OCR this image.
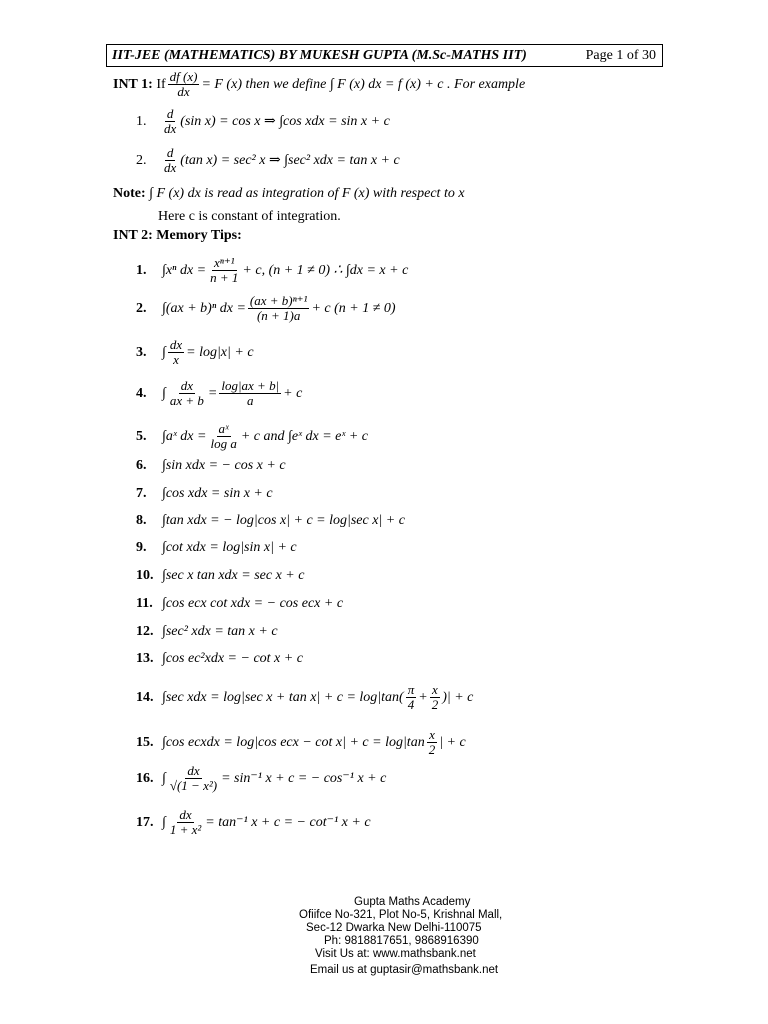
IIT-JEE (MATHEMATICS) BY MUKESH GUPTA (M.Sc-MATHS IIT)	Page 1 of 30
INT 1:
If $\frac{df (x)}{dx} = F$ (x) then we define ∫ F (x) dx = f (x) + c . For example
1.	$\frac{d}{dx} (\sin$ x) = cos x ⇒ ∫cos xdx = sin x + c
2.	$\frac{d}{dx} (\tan$ x) = sec² x ⇒ ∫sec² xdx = tan x + c
Note:
∫ F (x) dx is read as integration of F (x) with respect to x
Here c is constant of integration.
INT 2: Memory Tips:
1.	∫xⁿ dx = $\frac{\text{xⁿ⁺¹}}{n + 1} + c$, (n + 1 ≠ 0) ∴ ∫dx = x + c
2.	∫(ax + b)ⁿ dx = $\frac{\text{(ax + b)ⁿ⁺¹}}{(n + 1)a} + c$ (n + 1 ≠ 0)
3.	∫ $\frac{dx}{x} = \log|x| + c$
4.	∫ $\frac{dx}{ax + b} = \frac{\log|ax + b|}{a} + c$
5.	∫aˣ dx = $\frac{\text{aˣ}}{\text{log a}} + c$ and ∫eˣ dx = eˣ + c
6.	∫sin xdx = − cos x + c
7.	∫cos xdx = sin x + c
8.	∫tan xdx = − log|cos x| + c = log|sec x| + c
9.	∫cot xdx = log|sin x| + c
10. ∫sec x tan xdx = sec x + c
11. ∫cos ecx cot xdx = − cos ecx + c
12. ∫sec² xdx = tan x + c
13. ∫cos ec²xdx = − cot x + c
14. ∫sec xdx = log|sec $x + \tan x| + c = \log|\tan( \frac{\pi}{4} + \frac{x}{2}$ )| + c
15. ∫cos ecxdx = log|cos ecx − $\cot x| + c = \log|\tan \frac{x}{2}$ | + c
16. ∫ $\frac{dx}{\text{√(1 − x²)}} = \sin^{-1}$ x + c = − cos⁻¹ x + c
17. ∫ $\frac{dx}{\text{1 + x²}} = \tan^{-1}$ x + c = − cot⁻¹ x + c
Gupta Maths Academy
Ofiifce No-321, Plot No-5, Krishnal Mall,
Sec-12 Dwarka New Delhi-110075
Ph: 9818817651, 9868916390
Visit Us at: www.mathsbank.net
Email us at guptasir@mathsbank.net
